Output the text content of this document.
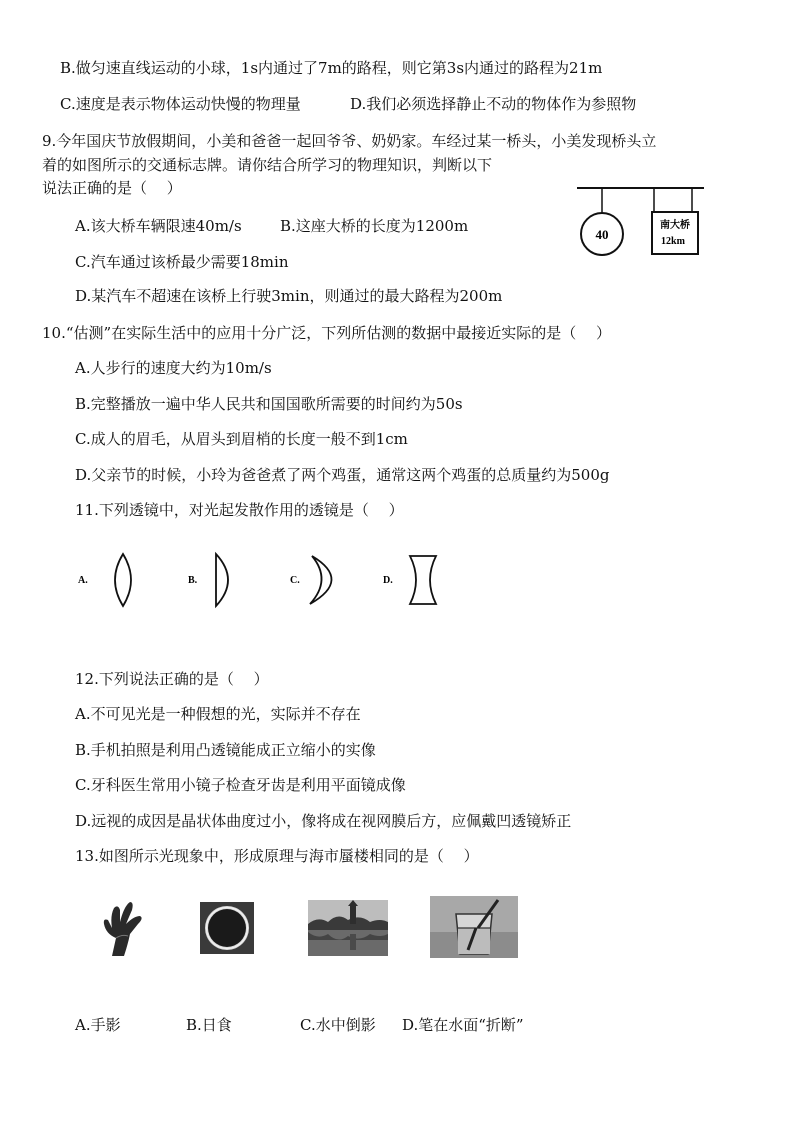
B.做匀速直线运动的小球，1s内通过了7m的路程，则它第3s内通过的路程为21m
C.速度是表示物体运动快慢的物理量	D.我们必须选择静止不动的物体作为参照物
9.今年国庆节放假期间，小美和爸爸一起回爷爷、奶奶家。车经过某一桥头，小美发现桥头立
着的如图所示的交通标志牌。请你结合所学习的物理知识，判断以下
说法正确的是（　 ）
A.该大桥车辆限速40m/s	B.这座大桥的长度为1200m
C.汽车通过该桥最少需要18min
D.某汽车不超速在该桥上行驶3min，则通过的最大路程为200m
40
南大桥
12km
10.“估测”在实际生活中的应用十分广泛，下列所估测的数据中最接近实际的是（　 ）
A.人步行的速度大约为10m/s
B.完整播放一遍中华人民共和国国歌所需要的时间约为50s
C.成人的眉毛，从眉头到眉梢的长度一般不到1cm
D.父亲节的时候，小玲为爸爸煮了两个鸡蛋，通常这两个鸡蛋的总质量约为500g
11.下列透镜中，对光起发散作用的透镜是（　 ）
A.	B.	C.	D.
12.下列说法正确的是（　 ）
A.不可见光是一种假想的光，实际并不存在
B.手机拍照是利用凸透镜能成正立缩小的实像
C.牙科医生常用小镜子检查牙齿是利用平面镜成像
D.远视的成因是晶状体曲度过小，像将成在视网膜后方，应佩戴凹透镜矫正
13.如图所示光现象中，形成原理与海市蜃楼相同的是（　 ）
A.手影	B.日食	C.水中倒影 D.笔在水面“折断”
